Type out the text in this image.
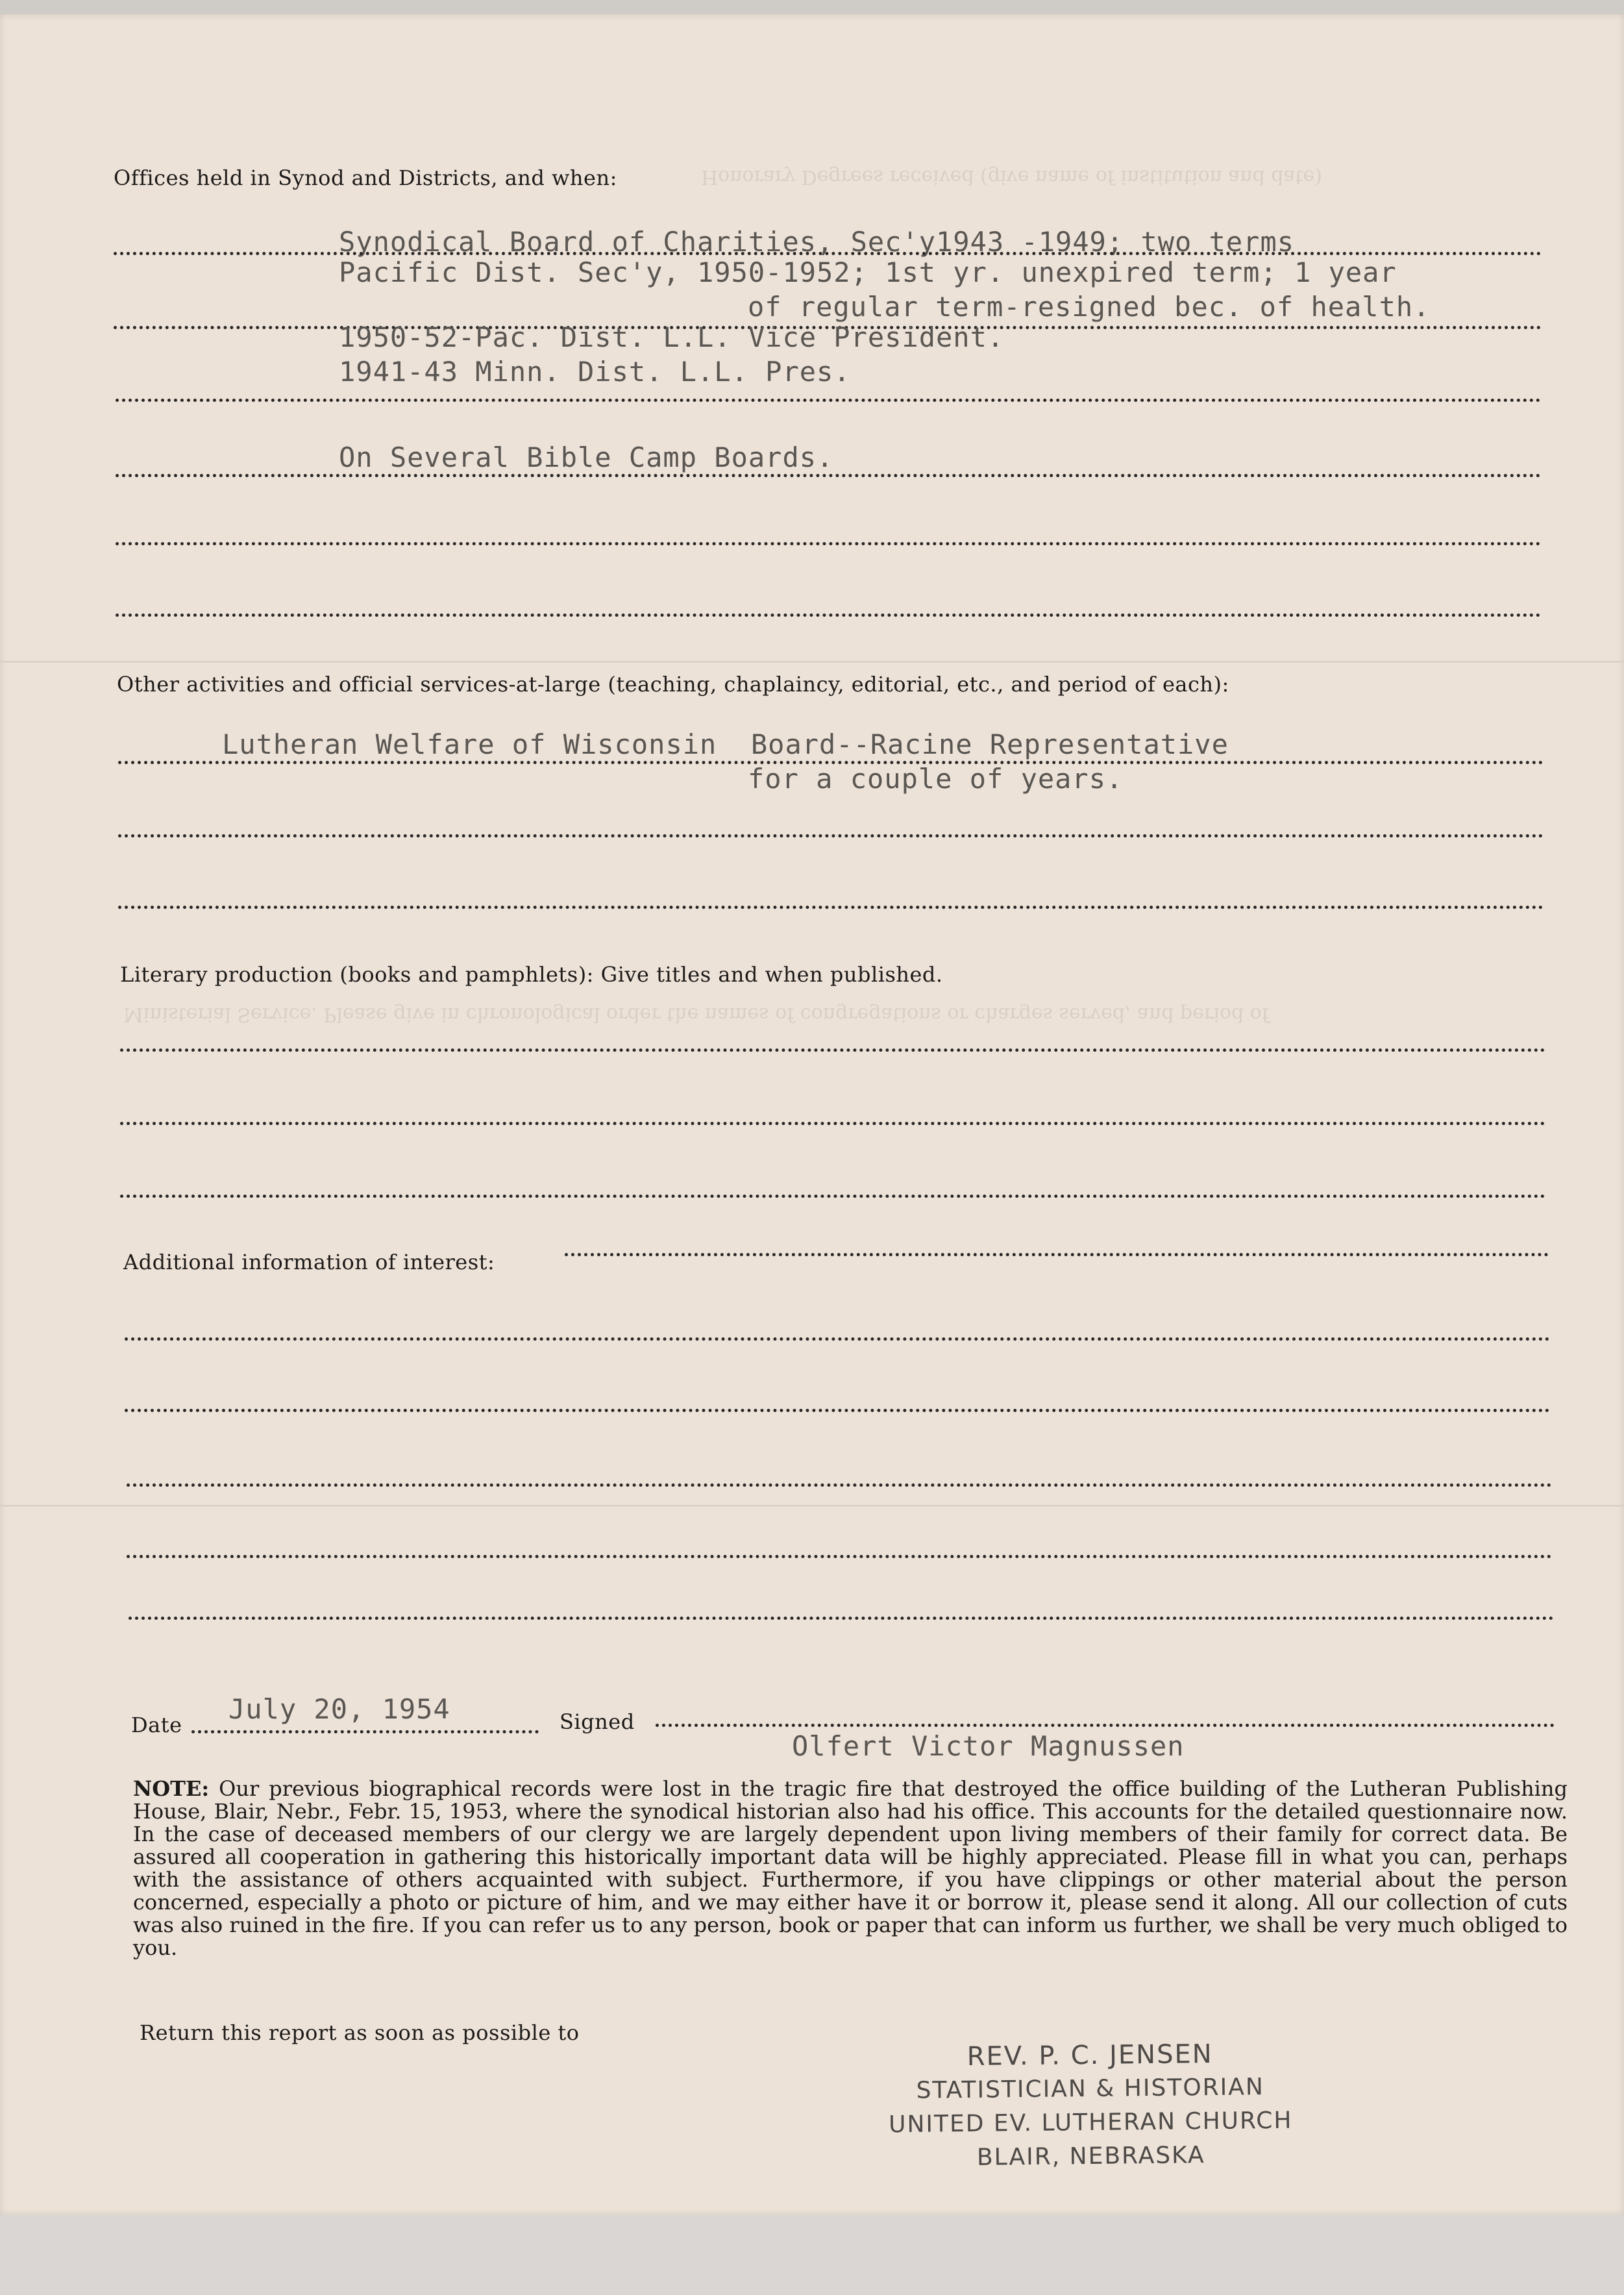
Honorary Degrees received (give name of institution and date)
Ministerial Service. Please give in chronological order the names of congregations or charges served, and period of
Offices held in Synod and Districts, and when:
Synodical Board of Charities, Sec'y1943 -1949; two terms
Pacific Dist. Sec'y, 1950-1952; 1st yr. unexpired term; 1 year
of regular term-resigned bec. of health.
1950-52-Pac. Dist. L.L. Vice President.
1941-43 Minn. Dist. L.L. Pres.
On Several Bible Camp Boards.
Other activities and official services-at-large (teaching, chaplaincy, editorial, etc., and period of each):
Lutheran Welfare of Wisconsin  Board--Racine Representative
for a couple of years.
Literary production (books and pamphlets): Give titles and when published.
Additional information of interest:
Date July 20, 1954	Signed
Olfert Victor Magnussen
NOTE: Our previous biographical records were lost in the tragic fire that destroyed the office building of the Lutheran Publishing House, Blair, Nebr., Febr. 15, 1953, where the synodical historian also had his office. This accounts for the detailed questionnaire now. In the case of deceased members of our clergy we are largely dependent upon living members of their family for correct data. Be assured all cooperation in gathering this historically important data will be highly appreciated. Please fill in what you can, perhaps with the assistance of others acquainted with subject. Furthermore, if you have clippings or other material about the person concerned, especially a photo or picture of him, and we may either have it or borrow it, please send it along. All our collection of cuts was also ruined in the fire. If you can refer us to any person, book or paper that can inform us further, we shall be very much obliged to you.
Return this report as soon as possible to
REV. P. C. JENSEN
STATISTICIAN & HISTORIAN
UNITED EV. LUTHERAN CHURCH
BLAIR, NEBRASKA
